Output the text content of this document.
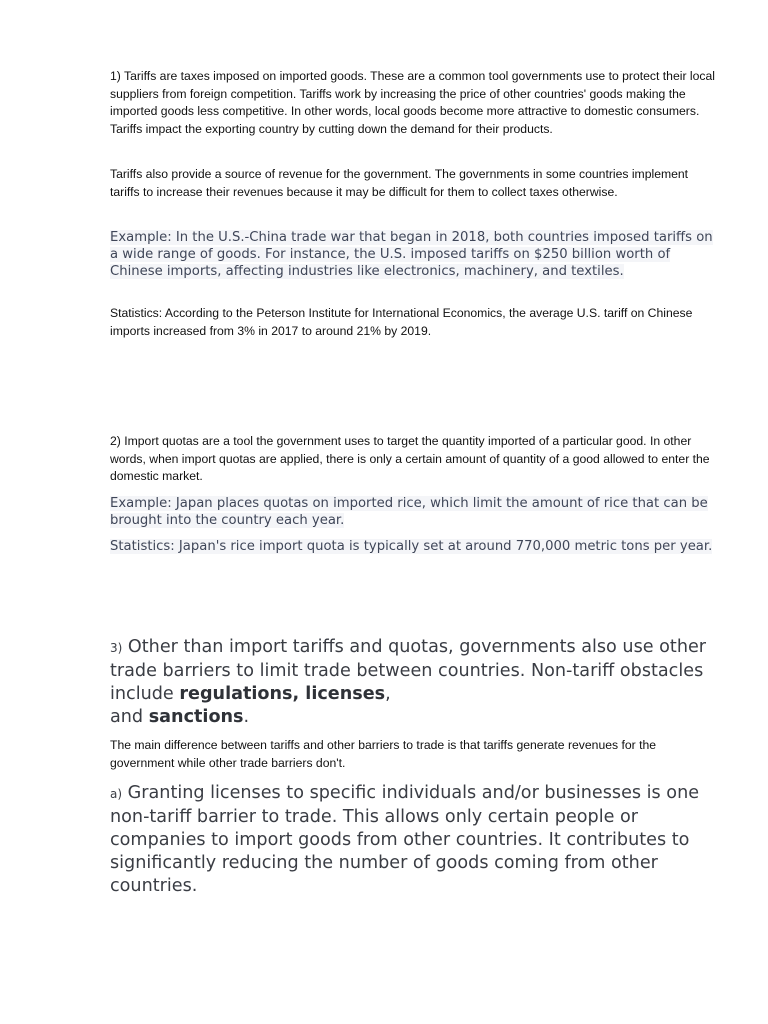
1) Tariffs are taxes imposed on imported goods. These are a common tool governments use to protect their local suppliers from foreign competition. Tariffs work by increasing the price of other countries' goods making the imported goods less competitive. In other words, local goods become more attractive to domestic consumers. Tariffs impact the exporting country by cutting down the demand for their products.

Tariffs also provide a source of revenue for the government. The governments in some countries implement tariffs to increase their revenues because it may be difficult for them to collect taxes otherwise.

Example: In the U.S.-China trade war that began in 2018, both countries imposed tariffs on a wide range of goods. For instance, the U.S. imposed tariffs on $250 billion worth of Chinese imports, affecting industries like electronics, machinery, and textiles.

Statistics: According to the Peterson Institute for International Economics, the average U.S. tariff on Chinese imports increased from 3% in 2017 to around 21% by 2019.

2) Import quotas are a tool the government uses to target the quantity imported of a particular good. In other words, when import quotas are applied, there is only a certain amount of quantity of a good allowed to enter the domestic market.

Example: Japan places quotas on imported rice, which limit the amount of rice that can be brought into the country each year.

Statistics: Japan's rice import quota is typically set at around 770,000 metric tons per year.

3) Other than import tariffs and quotas, governments also use other trade barriers to limit trade between countries. Non-tariff obstacles include regulations, licenses,
and sanctions.

The main difference between tariffs and other barriers to trade is that tariffs generate revenues for the government while other trade barriers don't.

a) Granting licenses to specific individuals and/or businesses is one non-tariff barrier to trade. This allows only certain people or companies to import goods from other countries. It contributes to significantly reducing the number of goods coming from other countries.
